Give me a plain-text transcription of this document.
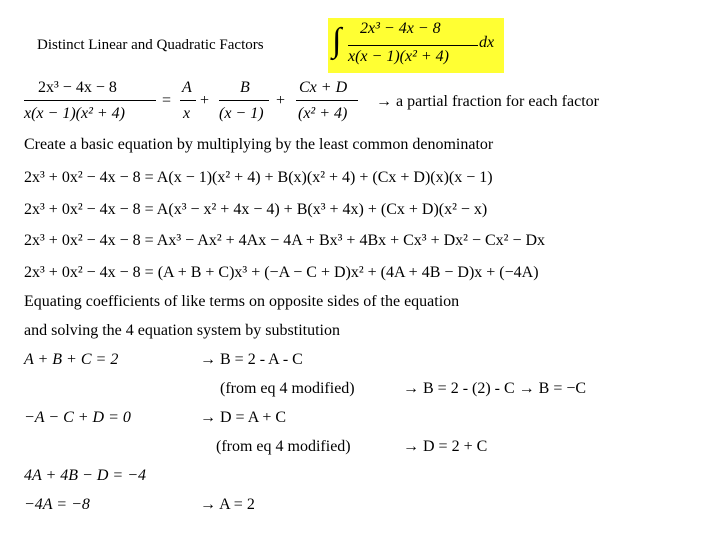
Distinct Linear and Quadratic Factors ∫ 2x³ − 4x − 8
x(x − 1)(x² + 4)
dx
2x³ − 4x − 8
x(x − 1)(x² + 4)
=
A
x
+
B
(x − 1)
+
Cx + D
(x² + 4)
→ a partial fraction for each factor
Create a basic equation by multiplying by the least common denominator
2x³ + 0x² − 4x − 8 = A(x − 1)(x² + 4) + B(x)(x² + 4) + (Cx + D)(x)(x − 1)
2x³ + 0x² − 4x − 8 = A(x³ − x² + 4x − 4) + B(x³ + 4x) + (Cx + D)(x² − x)
2x³ + 0x² − 4x − 8 = Ax³ − Ax² + 4Ax − 4A + Bx³ + 4Bx + Cx³ + Dx² − Cx² − Dx
2x³ + 0x² − 4x − 8 = (A + B + C)x³ + (−A − C + D)x² + (4A + 4B − D)x + (−4A)
Equating coefficients of like terms on opposite sides of the equation
and solving the 4 equation system by substitution
A + B + C = 2	→ B = 2 - A - C
(from eq 4 modified)	→ B = 2 - (2) - C → B = −C
−A − C + D = 0	→ D = A + C
(from eq 4 modified)	→ D = 2 + C
4A + 4B − D = −4
−4A = −8	→ A = 2
